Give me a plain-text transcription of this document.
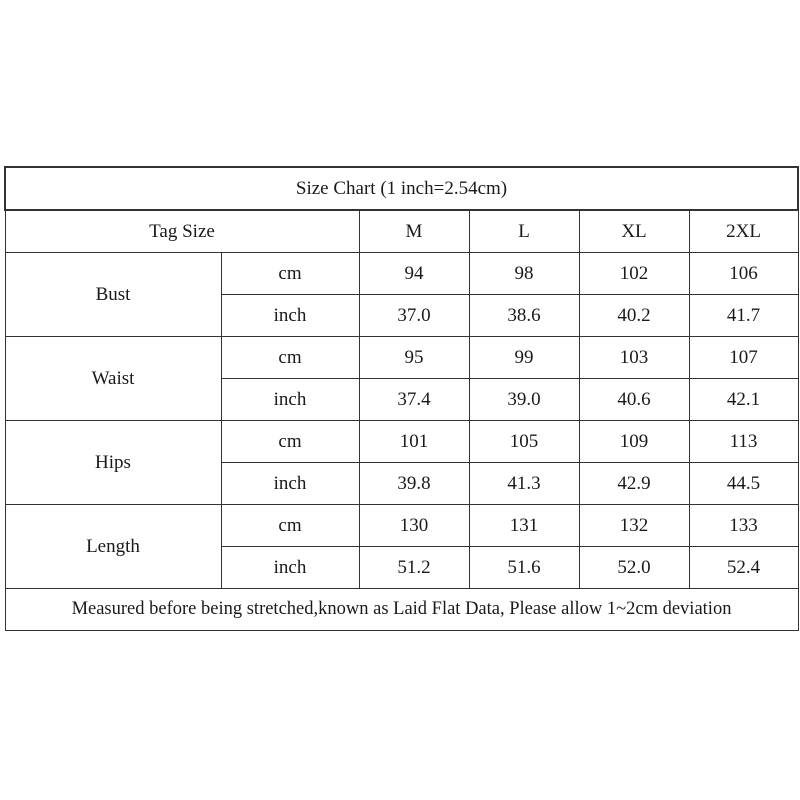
Size Chart (1 inch=2.54cm)					
Tag Size		M	L	XL	2XL
Bust	cm	94	98	102	106
	inch	37.0	38.6	40.2	41.7
Waist	cm	95	99	103	107
	inch	37.4	39.0	40.6	42.1
Hips	cm	101	105	109	113
	inch	39.8	41.3	42.9	44.5
Length	cm	130	131	132	133
	inch	51.2	51.6	52.0	52.4
Measured before being stretched,known as Laid Flat Data, Please allow 1~2cm deviation					
